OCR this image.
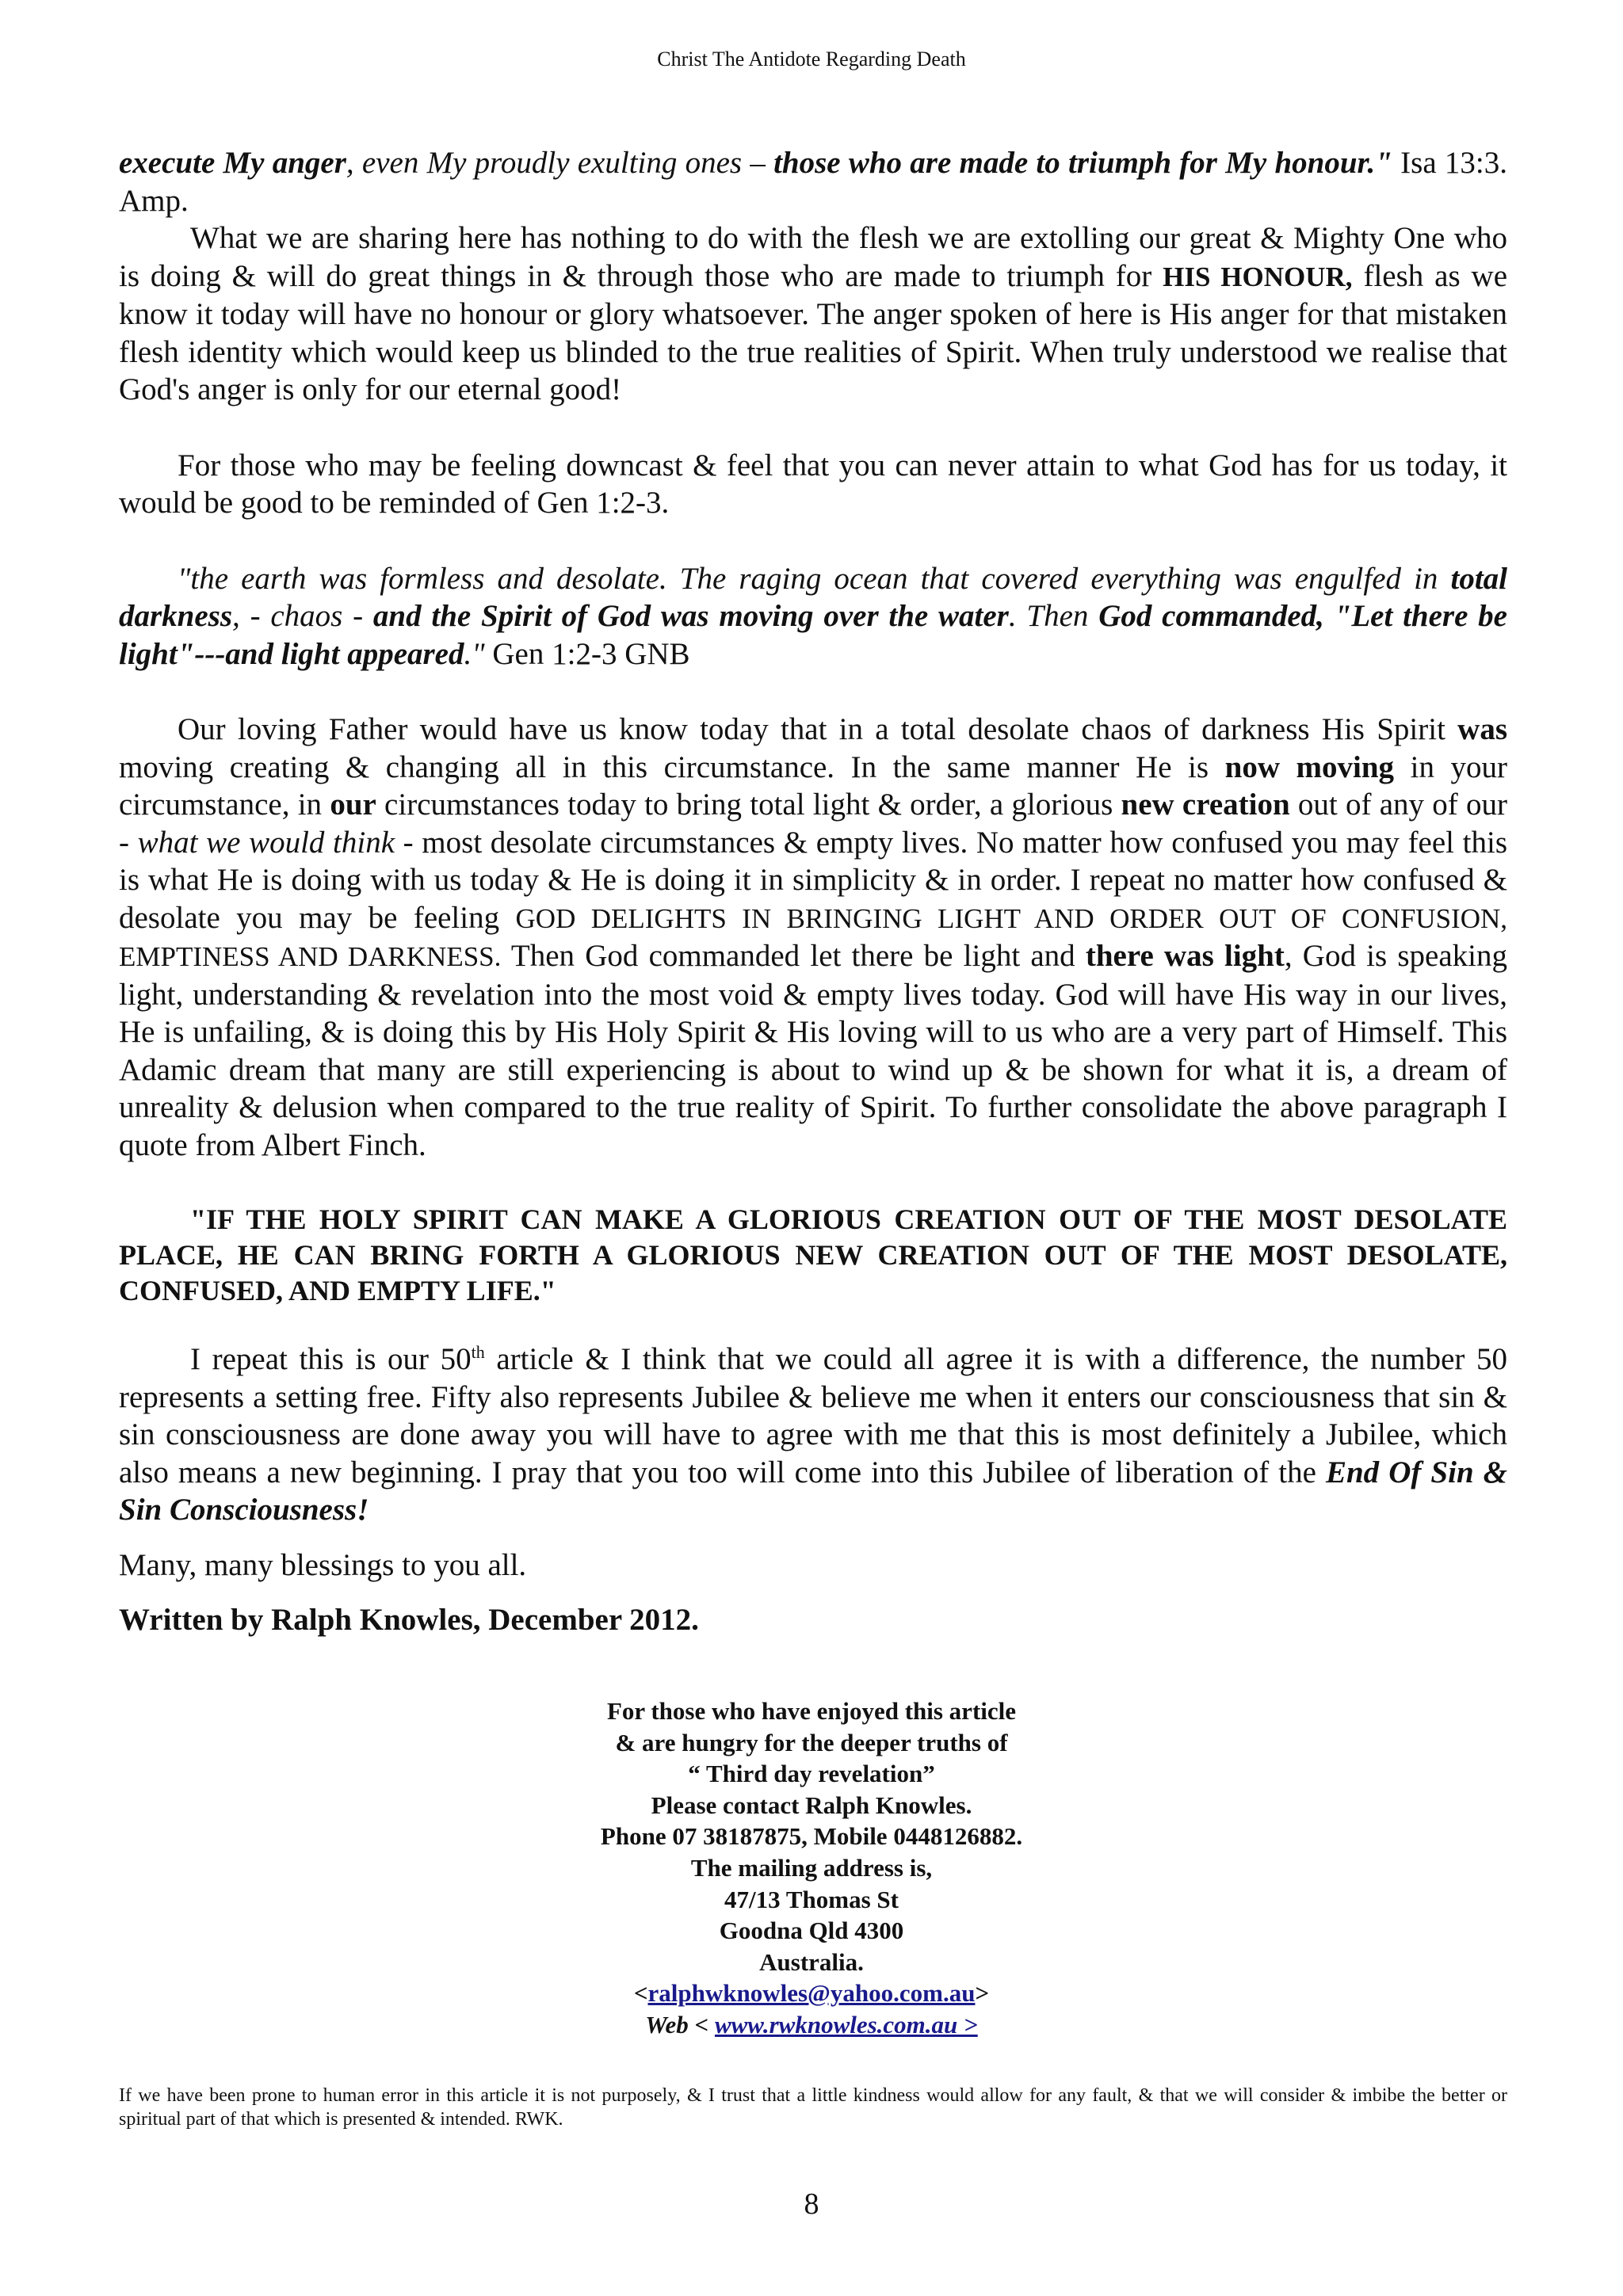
Christ The Antidote Regarding Death

execute My anger, even My proudly exulting ones – those who are made to triumph for My honour." Isa 13:3. Amp.

What we are sharing here has nothing to do with the flesh we are extolling our great & Mighty One who is doing & will do great things in & through those who are made to triumph for HIS HONOUR, flesh as we know it today will have no honour or glory whatsoever. The anger spoken of here is His anger for that mistaken flesh identity which would keep us blinded to the true realities of Spirit. When truly understood we realise that God's anger is only for our eternal good!

For those who may be feeling downcast & feel that you can never attain to what God has for us today, it would be good to be reminded of Gen 1:2-3.

"the earth was formless and desolate. The raging ocean that covered everything was engulfed in total darkness, - chaos - and the Spirit of God was moving over the water. Then God commanded, "Let there be light"---and light appeared." Gen 1:2-3 GNB

Our loving Father would have us know today that in a total desolate chaos of darkness His Spirit was moving creating & changing all in this circumstance. In the same manner He is now moving in your circumstance, in our circumstances today to bring total light & order, a glorious new creation out of any of our - what we would think - most desolate circumstances & empty lives. No matter how confused you may feel this is what He is doing with us today & He is doing it in simplicity & in order. I repeat no matter how confused & desolate you may be feeling GOD DELIGHTS IN BRINGING LIGHT AND ORDER OUT OF CONFUSION, EMPTINESS AND DARKNESS. Then God commanded let there be light and there was light, God is speaking light, understanding & revelation into the most void & empty lives today. God will have His way in our lives, He is unfailing, & is doing this by His Holy Spirit & His loving will to us who are a very part of Himself. This Adamic dream that many are still experiencing is about to wind up & be shown for what it is, a dream of unreality & delusion when compared to the true reality of Spirit. To further consolidate the above paragraph I quote from Albert Finch.

"IF THE HOLY SPIRIT CAN MAKE A GLORIOUS CREATION OUT OF THE MOST DESOLATE PLACE, HE CAN BRING FORTH A GLORIOUS NEW CREATION OUT OF THE MOST DESOLATE, CONFUSED, AND EMPTY LIFE."

I repeat this is our 50th article & I think that we could all agree it is with a difference, the number 50 represents a setting free. Fifty also represents Jubilee & believe me when it enters our consciousness that sin & sin consciousness are done away you will have to agree with me that this is most definitely a Jubilee, which also means a new beginning. I pray that you too will come into this Jubilee of liberation of the End Of Sin & Sin Consciousness!

Many, many blessings to you all.

Written by Ralph Knowles, December 2012.

For those who have enjoyed this article
& are hungry for the deeper truths of
“ Third day revelation”
Please contact Ralph Knowles.
Phone 07 38187875, Mobile 0448126882.
The mailing address is,
47/13 Thomas St
Goodna Qld 4300
Australia.
<ralphwknowles@yahoo.com.au>
Web < www.rwknowles.com.au >
If we have been prone to human error in this article it is not purposely, & I trust that a little kindness would allow for any fault, & that we will consider & imbibe the better or spiritual part of that which is presented & intended. RWK.
8
